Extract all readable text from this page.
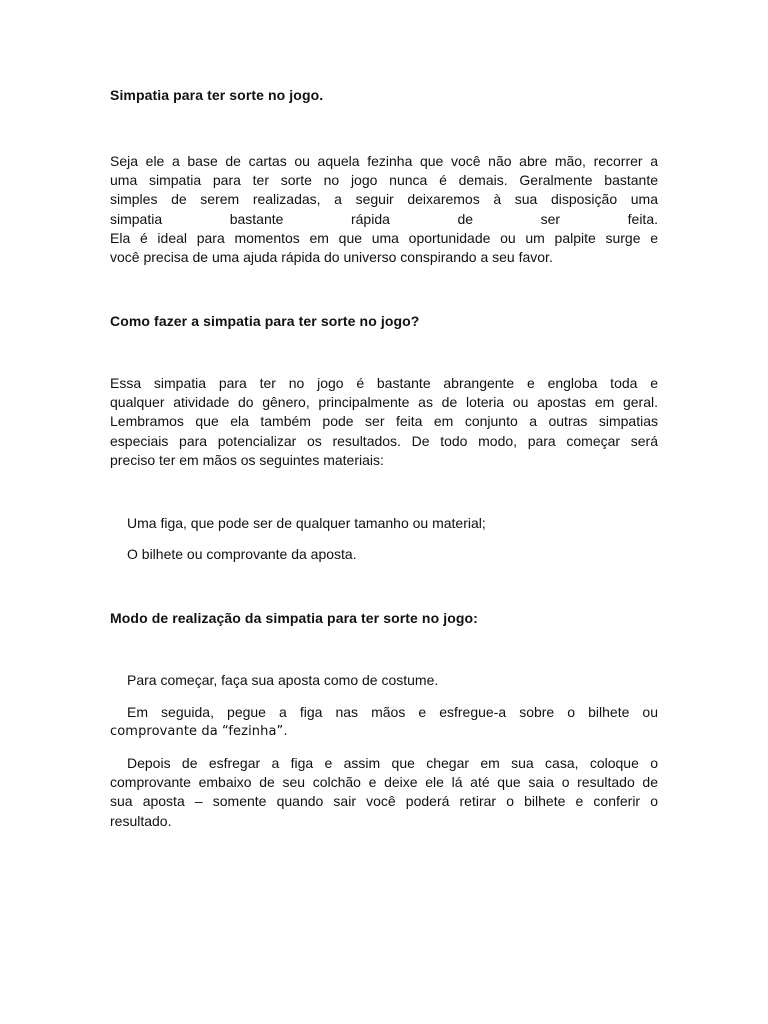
Simpatia para ter sorte no jogo.

Seja ele a base de cartas ou aquela fezinha que você não abre mão, recorrer a
uma simpatia para ter sorte no jogo nunca é demais. Geralmente bastante
simples de serem realizadas, a seguir deixaremos à sua disposição uma
simpatia bastante rápida de ser feita.
Ela é ideal para momentos em que uma oportunidade ou um palpite surge e
você precisa de uma ajuda rápida do universo conspirando a seu favor.

Como fazer a simpatia para ter sorte no jogo?

Essa simpatia para ter no jogo é bastante abrangente e engloba toda e
qualquer atividade do gênero, principalmente as de loteria ou apostas em geral.
Lembramos que ela também pode ser feita em conjunto a outras simpatias
especiais para potencializar os resultados. De todo modo, para começar será
preciso ter em mãos os seguintes materiais:

Uma figa, que pode ser de qualquer tamanho ou material;

O bilhete ou comprovante da aposta.

Modo de realização da simpatia para ter sorte no jogo:

Para começar, faça sua aposta como de costume.

Em seguida, pegue a figa nas mãos e esfregue-a sobre o bilhete ou
comprovante da “fezinha”.
Depois de esfregar a figa e assim que chegar em sua casa, coloque o
comprovante embaixo de seu colchão e deixe ele lá até que saia o resultado de
sua aposta – somente quando sair você poderá retirar o bilhete e conferir o
resultado.
